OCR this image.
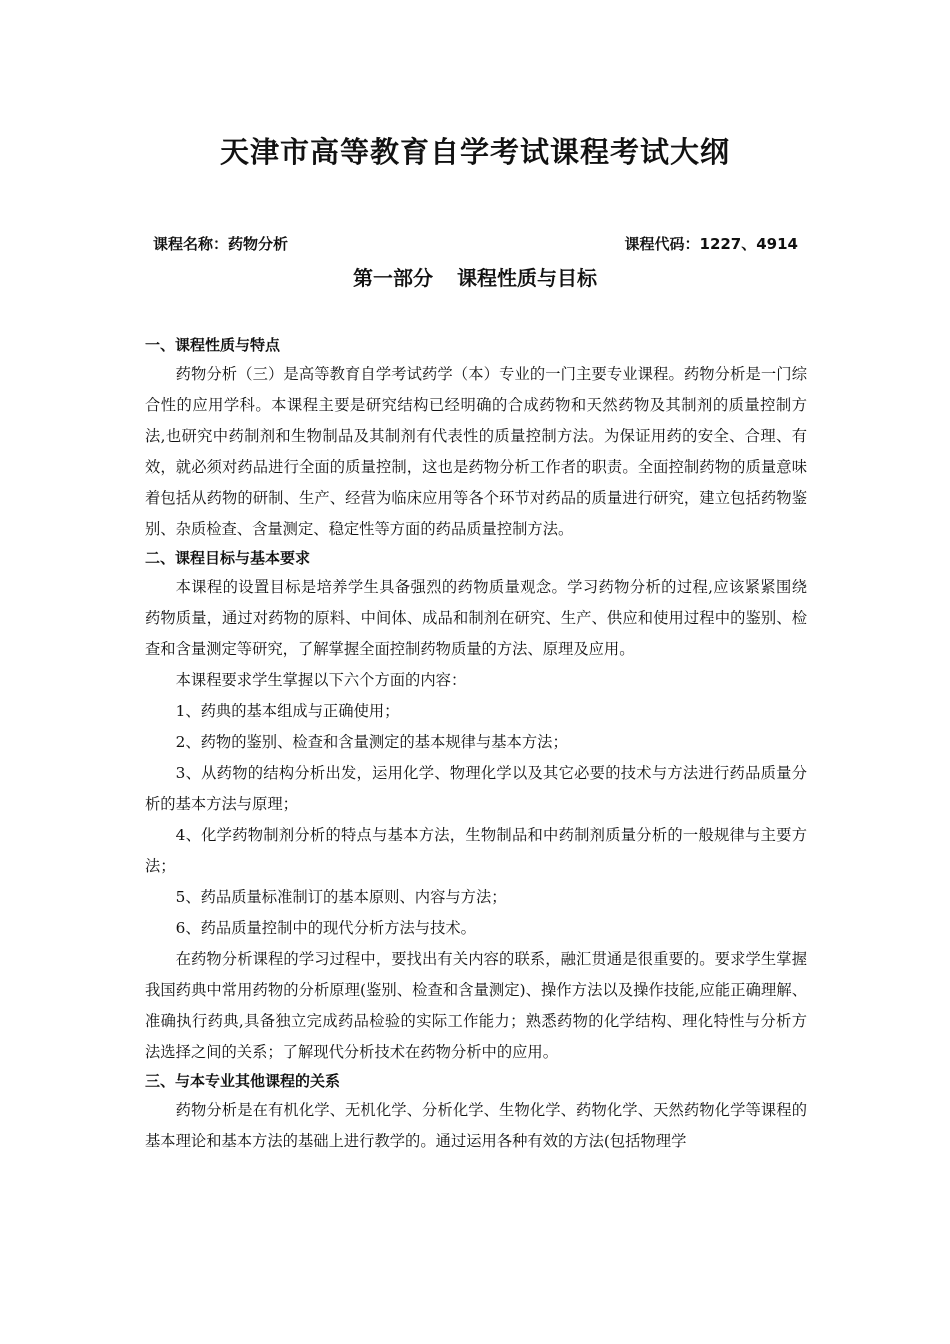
天津市高等教育自学考试课程考试大纲
课程名称：药物分析	课程代码：1227、4914
第一部分 课程性质与目标
一、课程性质与特点

药物分析（三）是高等教育自学考试药学（本）专业的一门主要专业课程。药物分析是一门综合性的应用学科。本课程主要是研究结构已经明确的合成药物和天然药物及其制剂的质量控制方法,也研究中药制剂和生物制品及其制剂有代表性的质量控制方法。为保证用药的安全、合理、有效，就必须对药品进行全面的质量控制，这也是药物分析工作者的职责。全面控制药物的质量意味着包括从药物的研制、生产、经营为临床应用等各个环节对药品的质量进行研究，建立包括药物鉴别、杂质检查、含量测定、稳定性等方面的药品质量控制方法。

二、课程目标与基本要求

本课程的设置目标是培养学生具备强烈的药物质量观念。学习药物分析的过程,应该紧紧围绕药物质量，通过对药物的原料、中间体、成品和制剂在研究、生产、供应和使用过程中的鉴别、检查和含量测定等研究，了解掌握全面控制药物质量的方法、原理及应用。

本课程要求学生掌握以下六个方面的内容：

1、药典的基本组成与正确使用；

2、药物的鉴别、检查和含量测定的基本规律与基本方法；

3、从药物的结构分析出发，运用化学、物理化学以及其它必要的技术与方法进行药品质量分析的基本方法与原理；

4、化学药物制剂分析的特点与基本方法，生物制品和中药制剂质量分析的一般规律与主要方法；

5、药品质量标准制订的基本原则、内容与方法；

6、药品质量控制中的现代分析方法与技术。

在药物分析课程的学习过程中，要找出有关内容的联系，融汇贯通是很重要的。要求学生掌握我国药典中常用药物的分析原理(鉴别、检查和含量测定)、操作方法以及操作技能,应能正确理解、准确执行药典,具备独立完成药品检验的实际工作能力；熟悉药物的化学结构、理化特性与分析方法选择之间的关系；了解现代分析技术在药物分析中的应用。

三、与本专业其他课程的关系

药物分析是在有机化学、无机化学、分析化学、生物化学、药物化学、天然药物化学等课程的基本理论和基本方法的基础上进行教学的。通过运用各种有效的方法(包括物理学
